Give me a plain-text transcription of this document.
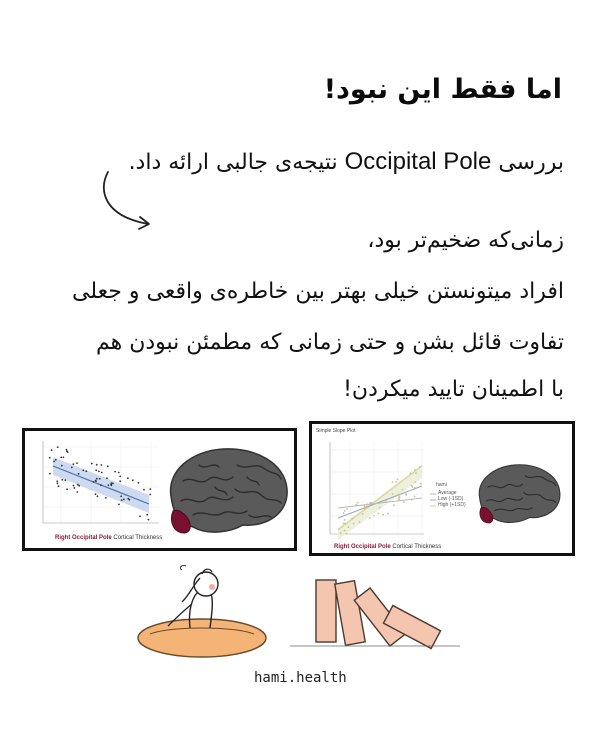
اما فقط این نبود!
بررسی Occipital Pole نتیجه‌ی جالبی ارائه داد.
زمانی‌که ضخیم‌تر بود،
افراد میتونستن خیلی بهتر بین خاطره‌ی واقعی و جعلی
تفاوت قائل بشن و حتی زمانی که مطمئن نبودن هم
با اطمینان تایید میکردن!
Right Occipital Pole Cortical Thickness
Simple Slope Plot
hami
Average
Low (-1SD)
High (+1SD)
Right Occipital Pole Cortical Thickness
hami.health
